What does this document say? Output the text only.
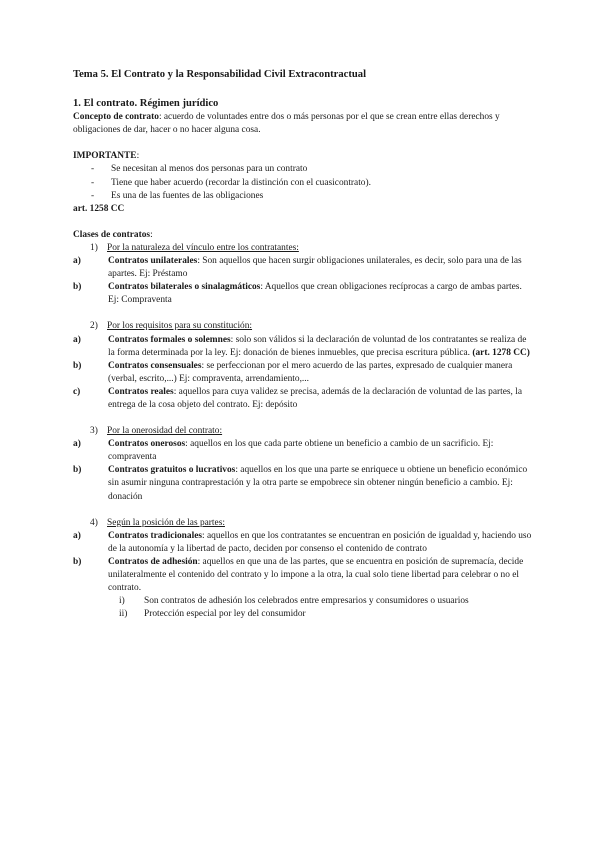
Tema 5. El Contrato y la Responsabilidad Civil Extracontractual
1. El contrato. Régimen jurídico

Concepto de contrato: acuerdo de voluntades entre dos o más personas por el que se crean entre ellas derechos y obligaciones de dar, hacer o no hacer alguna cosa.

IMPORTANTE:

-	Se necesitan al menos dos personas para un contrato
-	Tiene que haber acuerdo (recordar la distinción con el cuasicontrato).
-	Es una de las fuentes de las obligaciones

art. 1258 CC

Clases de contratos:

1) Por la naturaleza del vínculo entre los contratantes:
a)	Contratos unilaterales: Son aquellos que hacen surgir obligaciones unilaterales, es decir, solo para una de las apartes. Ej: Préstamo
b)	Contratos bilaterales o sinalagmáticos: Aquellos que crean obligaciones recíprocas a cargo de ambas partes. Ej: Compraventa
2) Por los requisitos para su constitución:
a)	Contratos formales o solemnes: solo son válidos si la declaración de voluntad de los contratantes se realiza de la forma determinada por la ley. Ej: donación de bienes inmuebles, que precisa escritura pública. (art. 1278 CC)
b)	Contratos consensuales: se perfeccionan por el mero acuerdo de las partes, expresado de cualquier manera (verbal, escrito,...) Ej: compraventa, arrendamiento,...
c)	Contratos reales: aquellos para cuya validez se precisa, además de la declaración de voluntad de las partes, la entrega de la cosa objeto del contrato. Ej: depósito
3) Por la onerosidad del contrato:
a)	Contratos onerosos: aquellos en los que cada parte obtiene un beneficio a cambio de un sacrificio. Ej: compraventa
b)	Contratos gratuitos o lucrativos: aquellos en los que una parte se enriquece u obtiene un beneficio económico sin asumir ninguna contraprestación y la otra parte se empobrece sin obtener ningún beneficio a cambio. Ej: donación
4) Según la posición de las partes:
a)	Contratos tradicionales: aquellos en que los contratantes se encuentran en posición de igualdad y, haciendo uso de la autonomía y la libertad de pacto, deciden por consenso el contenido de contrato
b)	Contratos de adhesión: aquellos en que una de las partes, que se encuentra en posición de supremacía, decide unilateralmente el contenido del contrato y lo impone a la otra, la cual solo tiene libertad para celebrar o no el contrato.
i)	Son contratos de adhesión los celebrados entre empresarios y consumidores o usuarios
ii)	Protección especial por ley del consumidor
